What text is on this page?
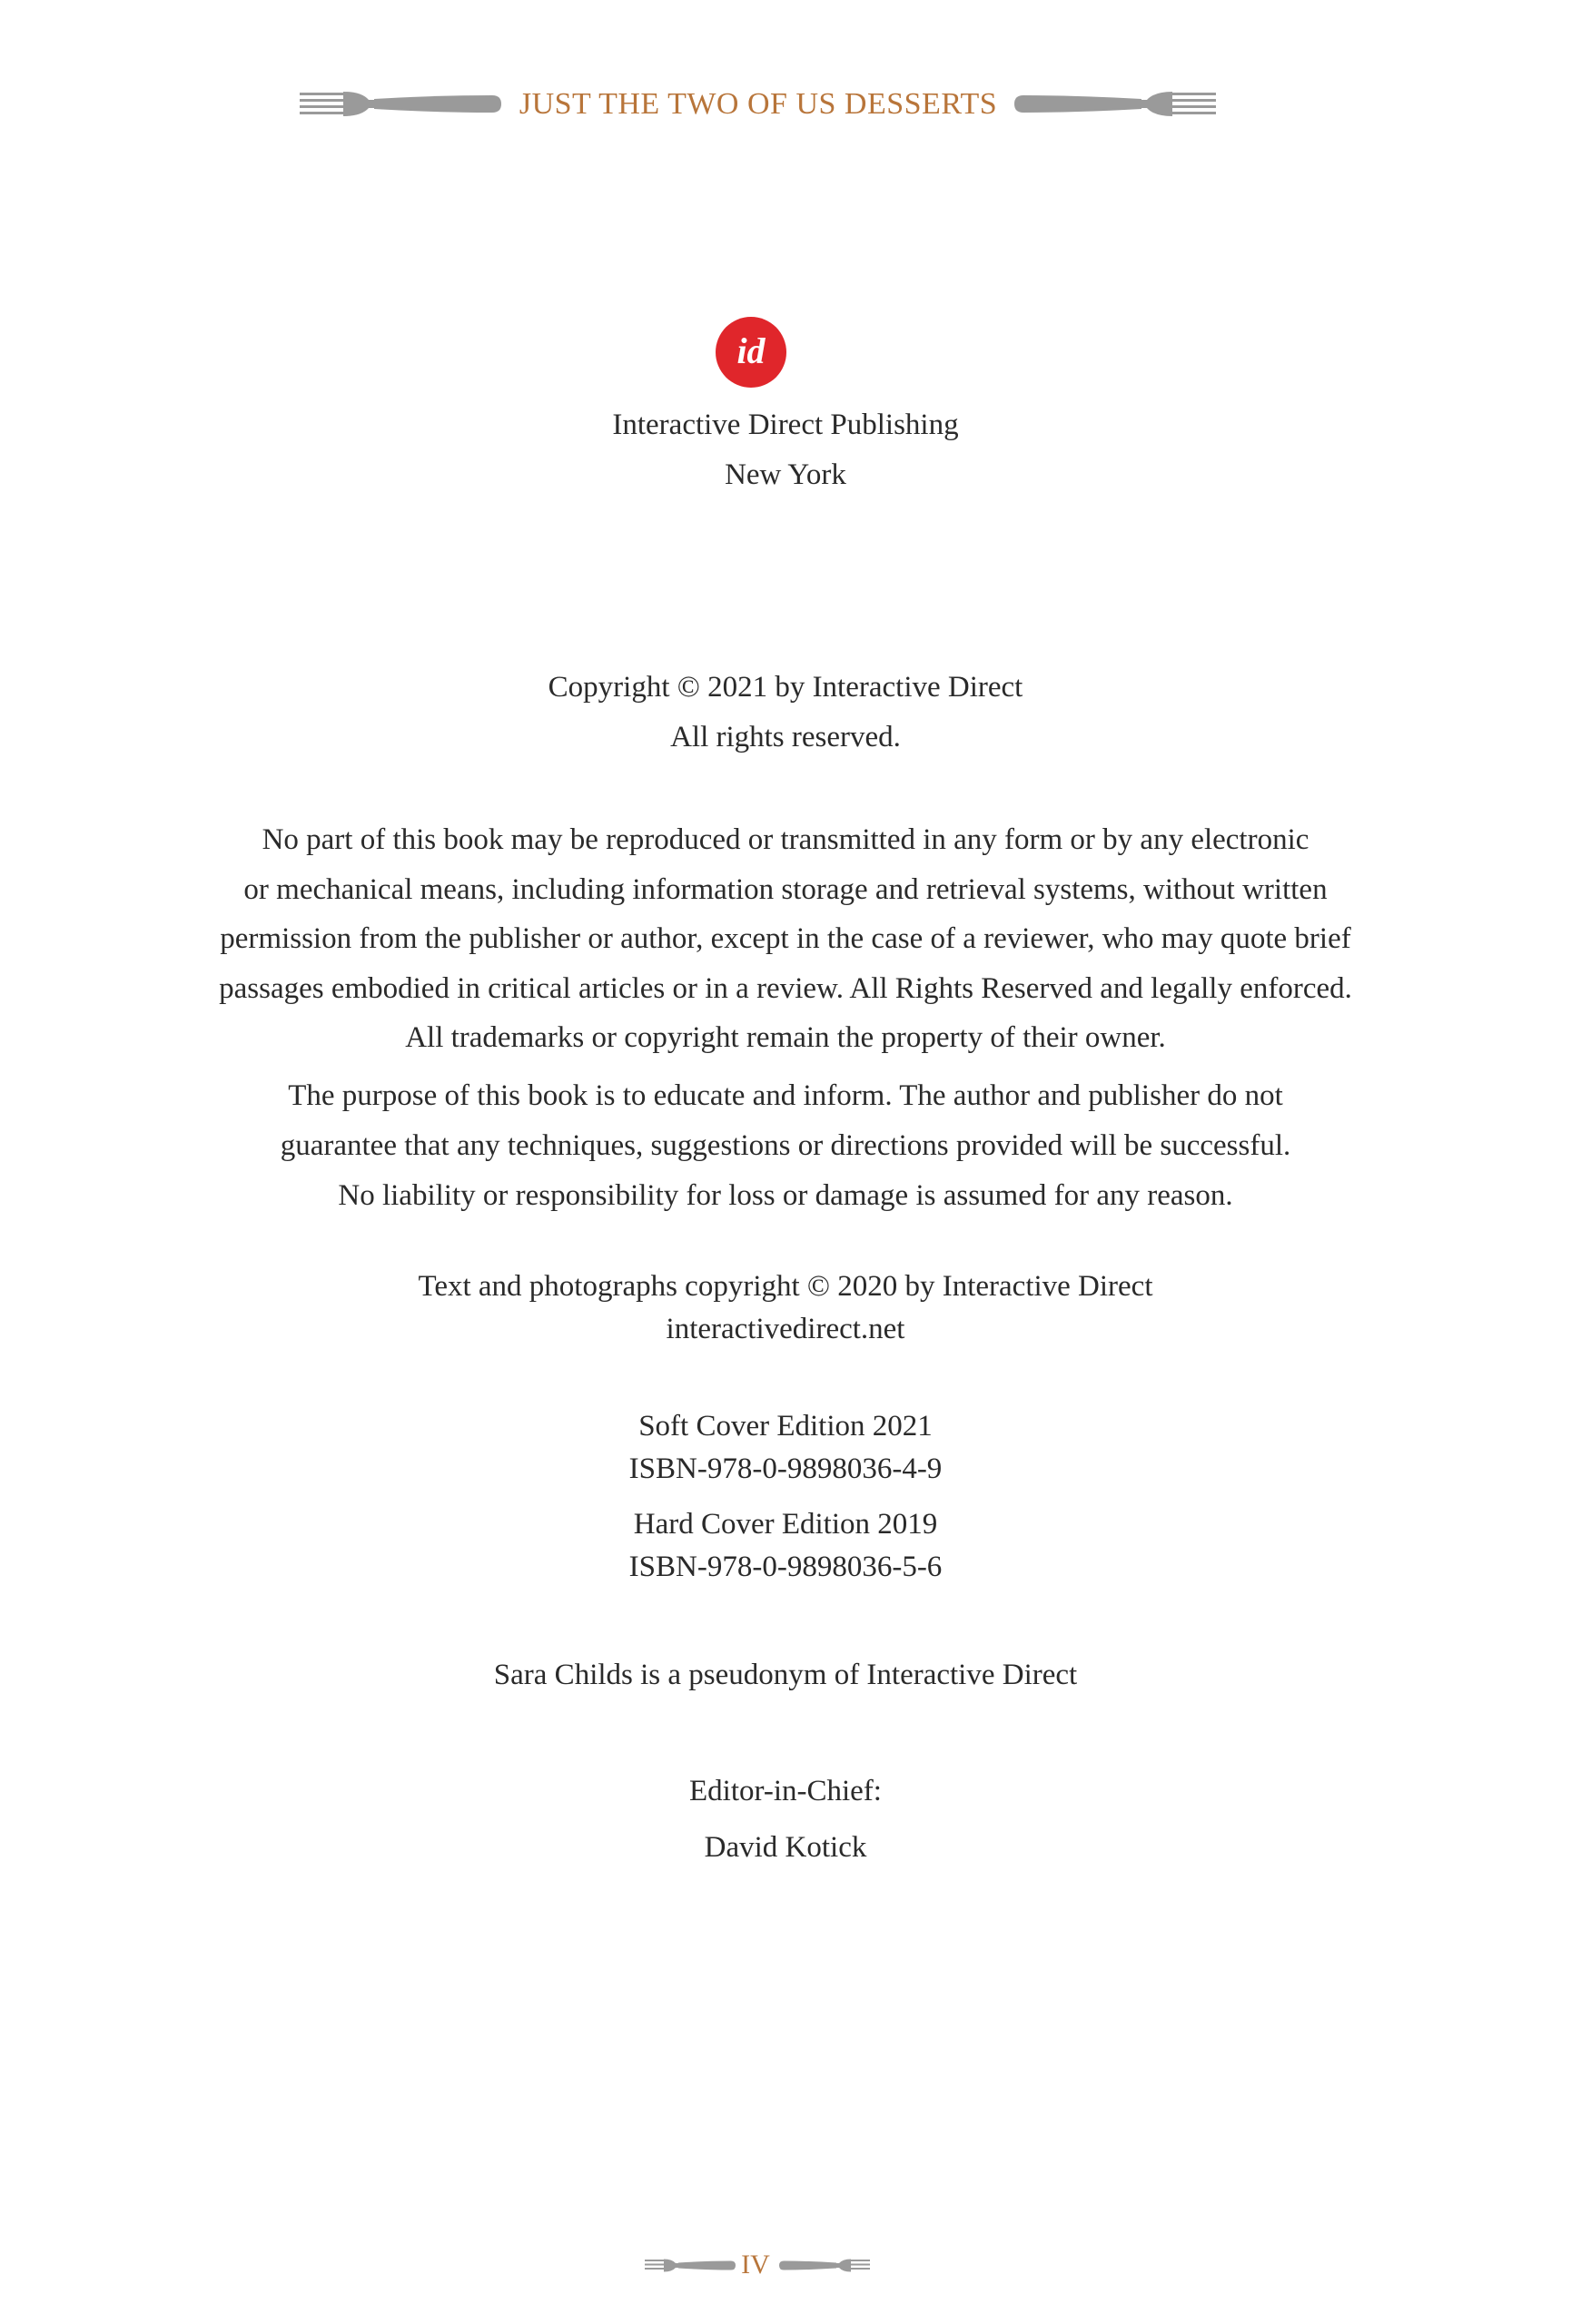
JUST THE TWO OF US DESSERTS
id

Interactive Direct Publishing

New York

Copyright © 2021 by Interactive Direct

All rights reserved.

No part of this book may be reproduced or transmitted in any form or by any electronic

or mechanical means, including information storage and retrieval systems, without written

permission from the publisher or author, except in the case of a reviewer, who may quote brief

passages embodied in critical articles or in a review. All Rights Reserved and legally enforced.

All trademarks or copyright remain the property of their owner.

The purpose of this book is to educate and inform. The author and publisher do not

guarantee that any techniques, suggestions or directions provided will be successful.

No liability or responsibility for loss or damage is assumed for any reason.

Text and photographs copyright © 2020 by Interactive Direct

interactivedirect.net

Soft Cover Edition 2021

ISBN-978-0-9898036-4-9

Hard Cover Edition 2019

ISBN-978-0-9898036-5-6

Sara Childs is a pseudonym of Interactive Direct

Editor-in-Chief:

David Kotick

IV
